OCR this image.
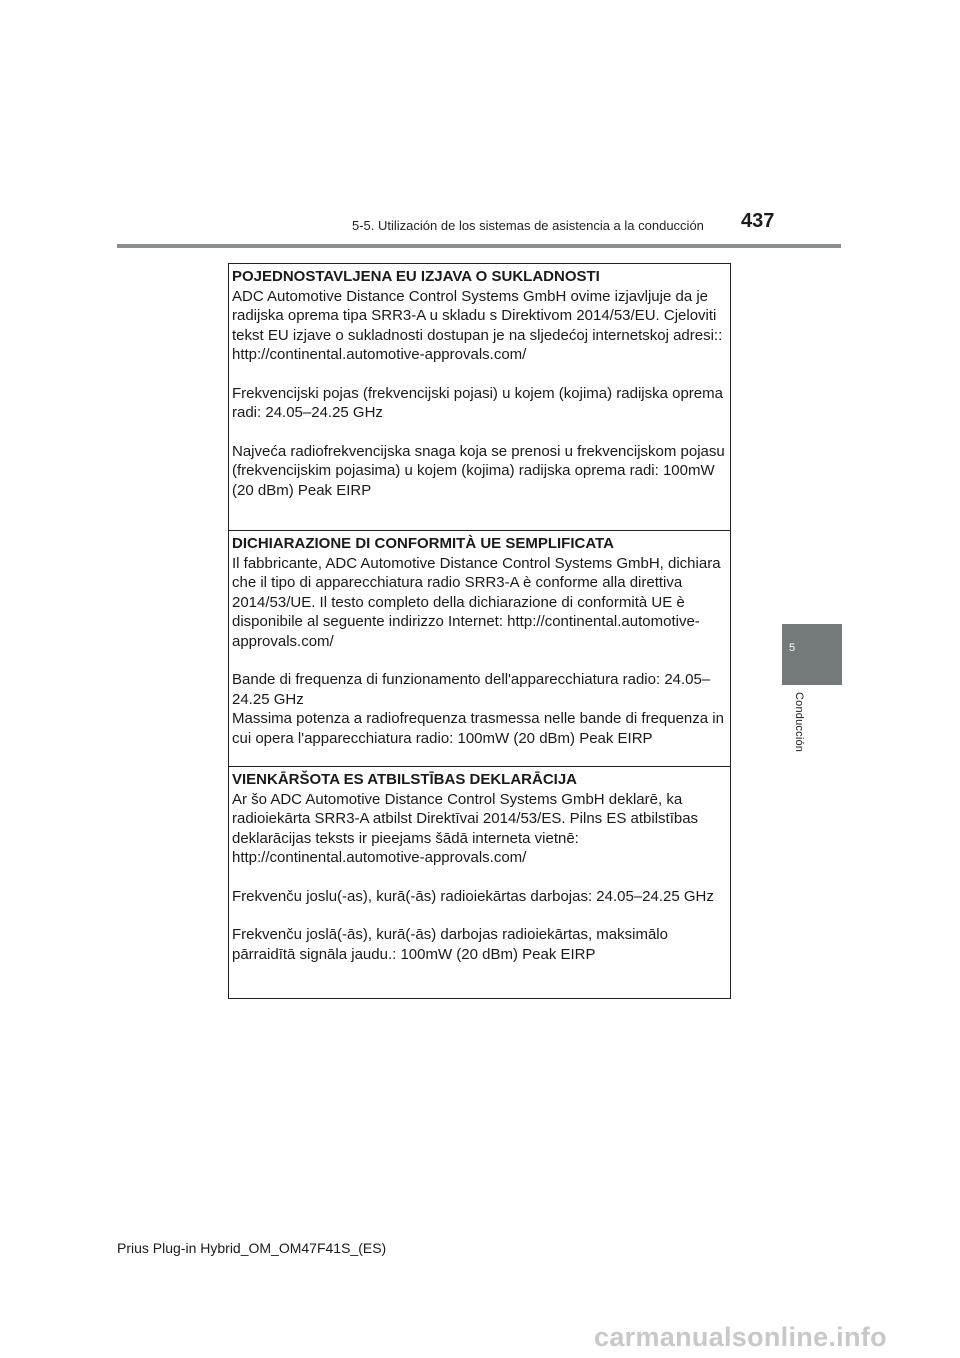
5-5. Utilización de los sistemas de asistencia a la conducción 437
5
Conducción

POJEDNOSTAVLJENA EU IZJAVA O SUKLADNOSTI

ADC Automotive Distance Control Systems GmbH ovime izjavljuje da je radijska oprema tipa SRR3-A u skladu s Direktivom 2014/53/EU. Cjeloviti tekst EU izjave o sukladnosti dostupan je na sljedećoj internetskoj adresi:: http://continental.automotive-approvals.com/

Frekvencijski pojas (frekvencijski pojasi) u kojem (kojima) radijska oprema radi: 24.05–24.25 GHz

Najveća radiofrekvencijska snaga koja se prenosi u frekvencijskom pojasu (frekvencijskim pojasima) u kojem (kojima) radijska oprema radi: 100mW (20 dBm) Peak EIRP

DICHIARAZIONE DI CONFORMITÀ UE SEMPLIFICATA

Il fabbricante, ADC Automotive Distance Control Systems GmbH, dichiara che il tipo di apparecchiatura radio SRR3-A è conforme alla direttiva 2014/53/UE. Il testo completo della dichiarazione di conformità UE è disponibile al seguente indirizzo Internet: http://continental.automotive-approvals.com/

Bande di frequenza di funzionamento dell'apparecchiatura radio: 24.05–24.25 GHz

Massima potenza a radiofrequenza trasmessa nelle bande di frequenza in cui opera l'apparecchiatura radio: 100mW (20 dBm) Peak EIRP

VIENKĀRŠOTA ES ATBILSTĪBAS DEKLARĀCIJA

Ar šo ADC Automotive Distance Control Systems GmbH deklarē, ka radioiekārta SRR3-A atbilst Direktīvai 2014/53/ES. Pilns ES atbilstības deklarācijas teksts ir pieejams šādā interneta vietnē: http://continental.automotive-approvals.com/

Frekvenču joslu(-as), kurā(-ās) radioiekārtas darbojas: 24.05–24.25 GHz

Frekvenču joslā(-ās), kurā(-ās) darbojas radioiekārtas, maksimālo pārraidītā signāla jaudu.: 100mW (20 dBm) Peak EIRP

Prius Plug-in Hybrid_OM_OM47F41S_(ES)
carmanualsonline.info
